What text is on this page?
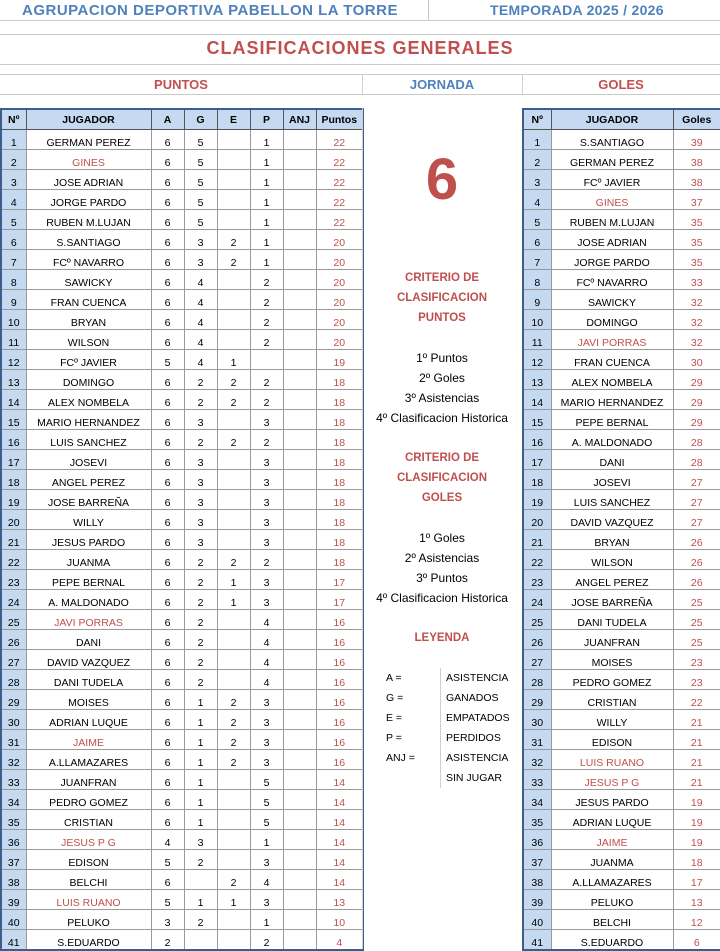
AGRUPACION DEPORTIVA PABELLON LA TORRE	TEMPORADA 2025 / 2026
CLASIFICACIONES GENERALES
PUNTOS	JORNADA	GOLES
Nº	JUGADOR	A	G	E	P	ANJ	Puntos
1	GERMAN PEREZ	6	5		1		22
2	GINES	6	5		1		22
3	JOSE ADRIAN	6	5		1		22
4	JORGE PARDO	6	5		1		22
5	RUBEN M.LUJAN	6	5		1		22
6	S.SANTIAGO	6	3	2	1		20
7	FCº NAVARRO	6	3	2	1		20
8	SAWICKY	6	4		2		20
9	FRAN CUENCA	6	4		2		20
10	BRYAN	6	4		2		20
11	WILSON	6	4		2		20
12	FCº JAVIER	5	4	1			19
13	DOMINGO	6	2	2	2		18
14	ALEX NOMBELA	6	2	2	2		18
15	MARIO HERNANDEZ	6	3		3		18
16	LUIS SANCHEZ	6	2	2	2		18
17	JOSEVI	6	3		3		18
18	ANGEL PEREZ	6	3		3		18
19	JOSE BARREÑA	6	3		3		18
20	WILLY	6	3		3		18
21	JESUS PARDO	6	3		3		18
22	JUANMA	6	2	2	2		18
23	PEPE BERNAL	6	2	1	3		17
24	A. MALDONADO	6	2	1	3		17
25	JAVI PORRAS	6	2		4		16
26	DANI	6	2		4		16
27	DAVID VAZQUEZ	6	2		4		16
28	DANI TUDELA	6	2		4		16
29	MOISES	6	1	2	3		16
30	ADRIAN LUQUE	6	1	2	3		16
31	JAIME	6	1	2	3		16
32	A.LLAMAZARES	6	1	2	3		16
33	JUANFRAN	6	1		5		14
34	PEDRO GOMEZ	6	1		5		14
35	CRISTIAN	6	1		5		14
36	JESUS P G	4	3		1		14
37	EDISON	5	2		3		14
38	BELCHI	6		2	4		14
39	LUIS RUANO	5	1	1	3		13
40	PELUKO	3	2		1		10
41	S.EDUARDO	2			2		4
6
CRITERIO DE
CLASIFICACION
PUNTOS
1º Puntos
2º Goles
3º Asistencias
4º Clasificacion Historica
CRITERIO DE
CLASIFICACION
GOLES
1º Goles
2º Asistencias
3º Puntos
4º Clasificacion Historica
LEYENDA
A =	ASISTENCIA
G =	GANADOS
E =	EMPATADOS
P =	PERDIDOS
ANJ =	ASISTENCIA
SIN JUGAR
Nº	JUGADOR	Goles
1	S.SANTIAGO	39
2	GERMAN PEREZ	38
3	FCº JAVIER	38
4	GINES	37
5	RUBEN M.LUJAN	35
6	JOSE ADRIAN	35
7	JORGE PARDO	35
8	FCº NAVARRO	33
9	SAWICKY	32
10	DOMINGO	32
11	JAVI PORRAS	32
12	FRAN CUENCA	30
13	ALEX NOMBELA	29
14	MARIO HERNANDEZ	29
15	PEPE BERNAL	29
16	A. MALDONADO	28
17	DANI	28
18	JOSEVI	27
19	LUIS SANCHEZ	27
20	DAVID VAZQUEZ	27
21	BRYAN	26
22	WILSON	26
23	ANGEL PEREZ	26
24	JOSE BARREÑA	25
25	DANI TUDELA	25
26	JUANFRAN	25
27	MOISES	23
28	PEDRO GOMEZ	23
29	CRISTIAN	22
30	WILLY	21
31	EDISON	21
32	LUIS RUANO	21
33	JESUS P G	21
34	JESUS PARDO	19
35	ADRIAN LUQUE	19
36	JAIME	19
37	JUANMA	18
38	A.LLAMAZARES	17
39	PELUKO	13
40	BELCHI	12
41	S.EDUARDO	6
